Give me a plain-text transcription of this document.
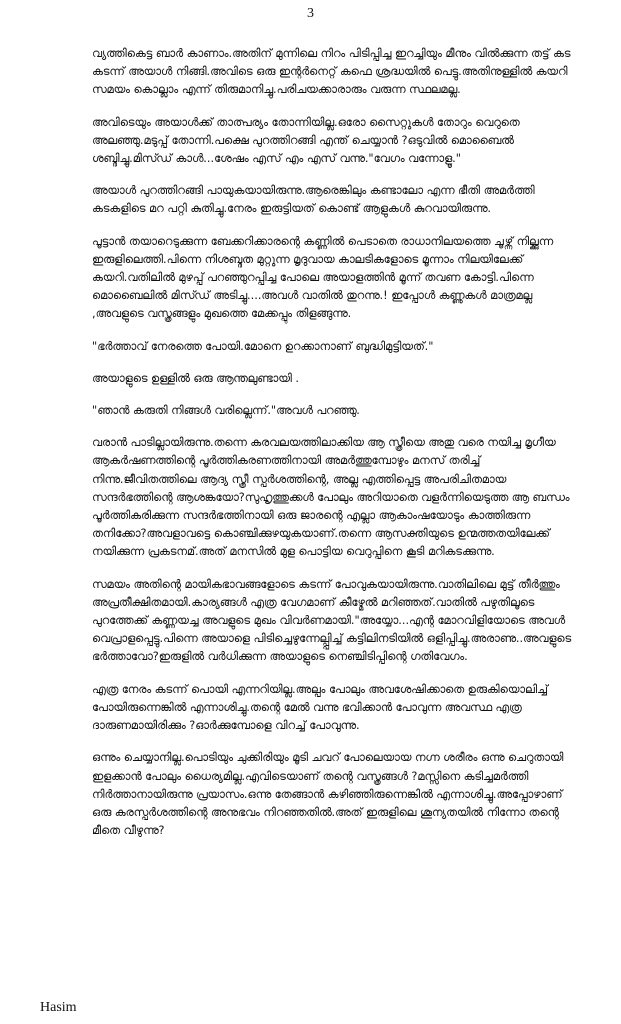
3

വ്യത്തികെട്ട ബാർ കാണാം.അതിന് മുന്നിലെ നിറം പിടിപ്പിച്ച ഇറച്ചിയും മീനും വിൽക്കുന്ന തട്ട് കട കടന്ന് അയാൾ നിങ്ങി.അവിടെ ഒരു ഇന്റർനെറ്റ് കഫെ ശ്രദ്ധയിൽ പെട്ടു.അതിനുള്ളിൽ കയറി സമയം കൊല്ലാം എന്ന് തിരുമാനിച്ചു.പരിചയക്കാരാരും വരുന്ന സ്ഥലമല്ല.

അവിടെയും അയാൾക്ക് താത്പര്യം തോന്നിയില്ല.ഒരോ സൈറ്റുകൾ തോറും വെറുതെ അലഞ്ഞു.മടുപ്പ് തോന്നി.പക്ഷെ പുറത്തിറങ്ങി എന്ത് ചെയ്യാൻ ?ഒടുവിൽ മൊബൈൽ ശബ്ദിച്ചു.മിസ്ഡ് കാൾ...ശേഷം എസ് എം എസ് വന്നു."വേഗം വന്നോളൂ."

അയാൾ പുറത്തിറങ്ങി പായുകയായിരുന്നു.ആരെങ്കിലും കണ്ടാലോ എന്ന ഭീതി അമർത്തി കടകളിടെ മറ പറ്റി കുതിച്ചു.നേരം ഇരുട്ടിയത് കൊണ്ട് ആളുകൾ കുറവായിരുന്നു.

പൂട്ടാൻ തയാറെടുക്കുന്ന ബേക്കറിക്കാരന്റെ കണ്ണിൽ പെടാതെ രാധാനിലയത്തെ ചൂഴ്ന്ന് നില്ക്കുന്ന ഇരുളിലെത്തി.പിന്നെ നിശബ്ദത മുറ്റുന്ന മൃദുവായ കാലടികളോടെ മൂന്നാം നിലയിലേക്ക് കയറി.വതിലിൽ മുഴപ്പ് പറഞ്ഞുറപ്പിച്ച പോലെ അയാളത്തിൻ മൂന്ന് തവണ കോട്ടി.പിന്നെ മൊബൈലിൽ മിസ്ഡ് അടിച്ചു....അവൾ വാതിൽ തുറന്നു.! ഇപ്പോൾ കണ്ണുകൾ മാത്രമല്ല ,അവളുടെ വസ്ത്രങ്ങളും മുഖത്തെ മേക്കപ്പും തിളങ്ങുന്നു.

"ഭർത്താവ് നേരത്തെ പോയി.മോനെ ഉറക്കാനാണ് ബുദ്ധിമുട്ടിയത്."

അയാളുടെ ഉള്ളിൽ ഒരു ആന്തലുണ്ടായി .

"ഞാൻ കരുതി നിങ്ങൾ വരില്ലെന്ന്."അവൾ പറഞ്ഞു.

വരാൻ പാടില്ലായിരുന്നു.തന്നെ കരവലയത്തിലാക്കിയ ആ സ്ത്രീയെ അതു വരെ നയിച്ച മൃഗീയ ആകർഷണത്തിന്റെ പൂർത്തികരണത്തിനായി അമർത്തുമ്പോഴും മനസ് തരിച്ച് നിന്നു.ജീവിതത്തിലെ ആദ്യ സ്ത്രീ സ്പർശത്തിന്റെ, അല്ല എത്തിപ്പെട്ട അപരിചിതമായ സന്ദർഭത്തിന്റെ ആശങ്കയോ?സുഹൃത്തുക്കൾ പോലും അറിയാതെ വളർന്നിയെടുത്ത ആ ബന്ധം പൂർത്തികരിക്കുന്ന സന്ദർഭത്തിനായി ഒരു ജാരന്റെ എല്ലാ ആകാംഷയോടും കാത്തിരുന്ന തനിക്കോ?അവളാവട്ടെ കൊഞ്ചിക്കുഴയുകയാണ്.തന്നെ ആസക്തിയുടെ ഉന്മത്തതയിലേക്ക് നയിക്കുന്ന പ്രകടനമ്.അത് മനസിൽ മുള പൊട്ടിയ വെറുപ്പിനെ കൂടി മറികടക്കുന്നു.

സമയം അതിന്റെ മായികഭാവങ്ങളോടെ കടന്ന് പോവുകയായിരുന്നു.വാതിലിലെ മുട്ട് തീർത്തും അപ്രതീക്ഷിതമായി.കാര്യങ്ങൾ എത്ര വേഗമാണ് കീഴ്മേൽ മറിഞ്ഞത്.വാതിൽ പഴുതിലൂടെ പുറത്തേക്ക് കണ്ണയച്ച അവളുടെ മുഖം വിവർണമായി."അയ്യോ...എന്റ മോറവിളിയോടെ അവൾ വെപ്രാളപ്പെട്ടു.പിന്നെ അയാളെ പിടിച്ചെഴുന്നേല്പ്പിച്ച് കട്ടിലിനടിയിൽ ഒളിപ്പിച്ചു.അരാണു..അവളുടെ ഭർത്താവോ?ഇരുളിൽ വർധിക്കുന്ന അയാളുടെ നെഞ്ചിടിപ്പിന്റെ ഗതിവേഗം.

എത്ര നേരം കടന്ന് പൊയി എന്നറിയില്ല.അല്പം പോലും അവശേഷിക്കാതെ ഉരുകിയൊലിച്ച് പോയിരുന്നെങ്കിൽ എന്നാശിച്ചു.തന്റെ മേൽ വന്നു ഭവിക്കാൻ പോവുന്ന അവസ്ഥ എത്ര ദാരുണമായിരിക്കും ?ഓർക്കുമ്പോളെ വിറച്ച് പോവുന്നു.

ഒന്നും ചെയ്യാനില്ല.പൊടിയും ചുക്കിരിയും മൂടി ചവറ് പോലെയായ നഗ്ന ശരീരം ഒന്നു ചെറുതായി ഇളക്കാൻ പോലും ധൈര്യമില്ല.എവിടെയാണ് തന്റെ വസ്ത്രങ്ങൾ ?മസ്സിനെ കടിച്ചമർത്തി നിർത്താനായിരുന്നു പ്രയാസം.ഒന്നു തേങ്ങാൻ കഴിഞ്ഞിരുന്നെങ്കിൽ എന്നാശിച്ചു.അപ്പോഴാണ് ഒരു കരസ്പർശത്തിന്റെ അനുഭവം നിറഞ്ഞതിൽ.അത് ഇരുളിലെ ശൂന്യതയിൽ നിന്നോ തന്റെ മീതെ വീഴുന്നു?

Hasim
